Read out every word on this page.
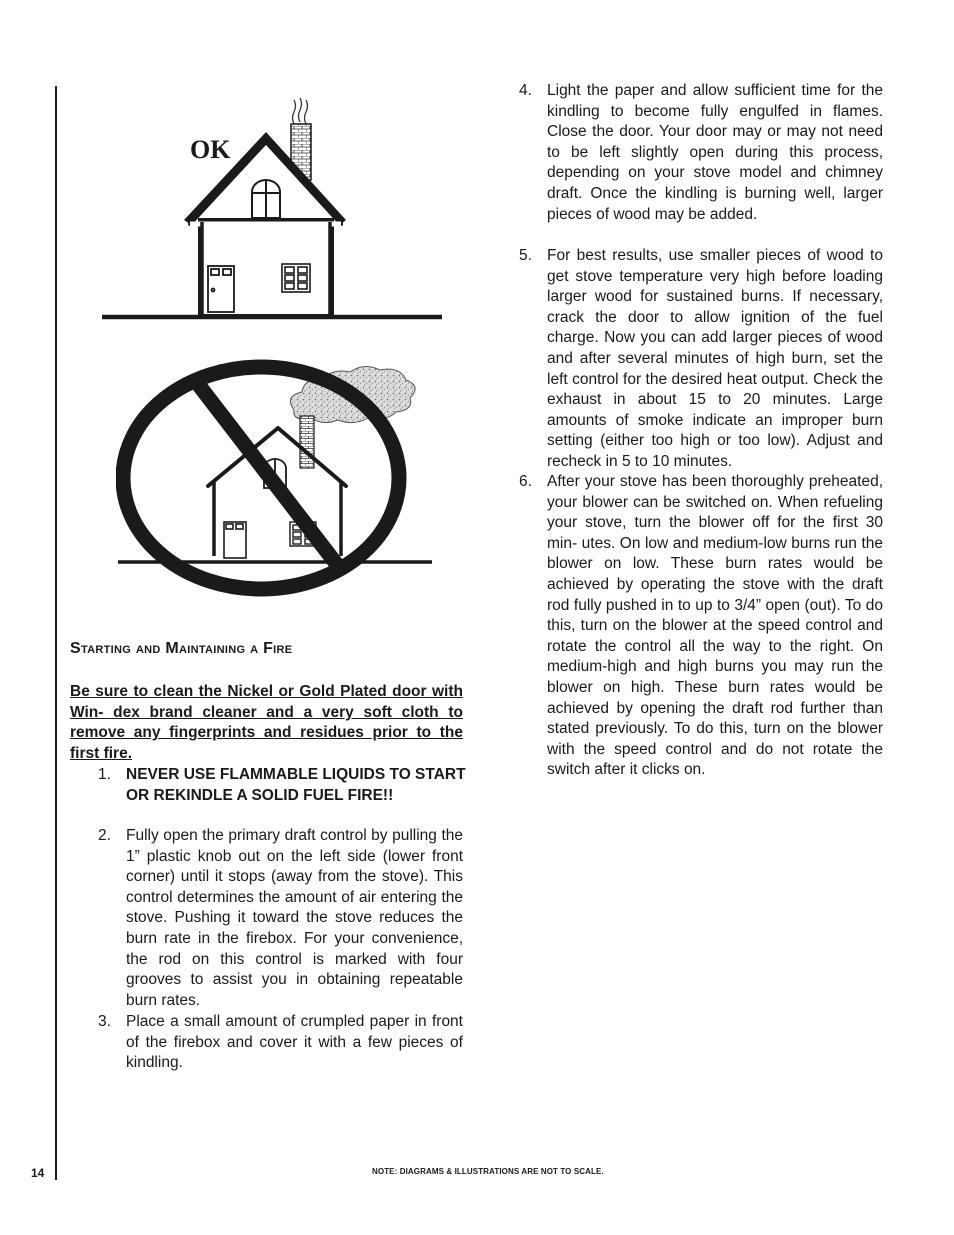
OK
Starting and Maintaining a Fire
Be sure to clean the Nickel or Gold Plated door with Win- dex brand cleaner and a very soft cloth to remove any fingerprints and residues prior to the first fire.
1. NEVER USE FLAMMABLE LIQUIDS TO START OR REKINDLE A SOLID FUEL FIRE!!
2. Fully open the primary draft control by pulling the 1” plastic knob out on the left side (lower front corner) until it stops (away from the stove). This control determines the amount of air entering the stove. Pushing it toward the stove reduces the burn rate in the firebox. For your convenience, the rod on this control is marked with four grooves to assist you in obtaining repeatable burn rates.
3. Place a small amount of crumpled paper in front of the firebox and cover it with a few pieces of kindling.
4. Light the paper and allow sufficient time for the kindling to become fully engulfed in flames. Close the door. Your door may or may not need to be left slightly open during this process, depending on your stove model and chimney draft. Once the kindling is burning well, larger pieces of wood may be added.
5. For best results, use smaller pieces of wood to get stove temperature very high before loading larger wood for sustained burns. If necessary, crack the door to allow ignition of the fuel charge. Now you can add larger pieces of wood and after several minutes of high burn, set the left control for the desired heat output. Check the exhaust in about 15 to 20 minutes. Large amounts of smoke indicate an improper burn setting (either too high or too low). Adjust and recheck in 5 to 10 minutes.
6. After your stove has been thoroughly preheated, your blower can be switched on. When refueling your stove, turn the blower off for the first 30 min- utes. On low and medium-low burns run the blower on low. These burn rates would be achieved by operating the stove with the draft rod fully pushed in to up to 3/4” open (out). To do this, turn on the blower at the speed control and rotate the control all the way to the right. On medium-high and high burns you may run the blower on high. These burn rates would be achieved by opening the draft rod further than stated previously. To do this, turn on the blower with the speed control and do not rotate the switch after it clicks on.
14	NOTE: DIAGRAMS & ILLUSTRATIONS ARE NOT TO SCALE.
